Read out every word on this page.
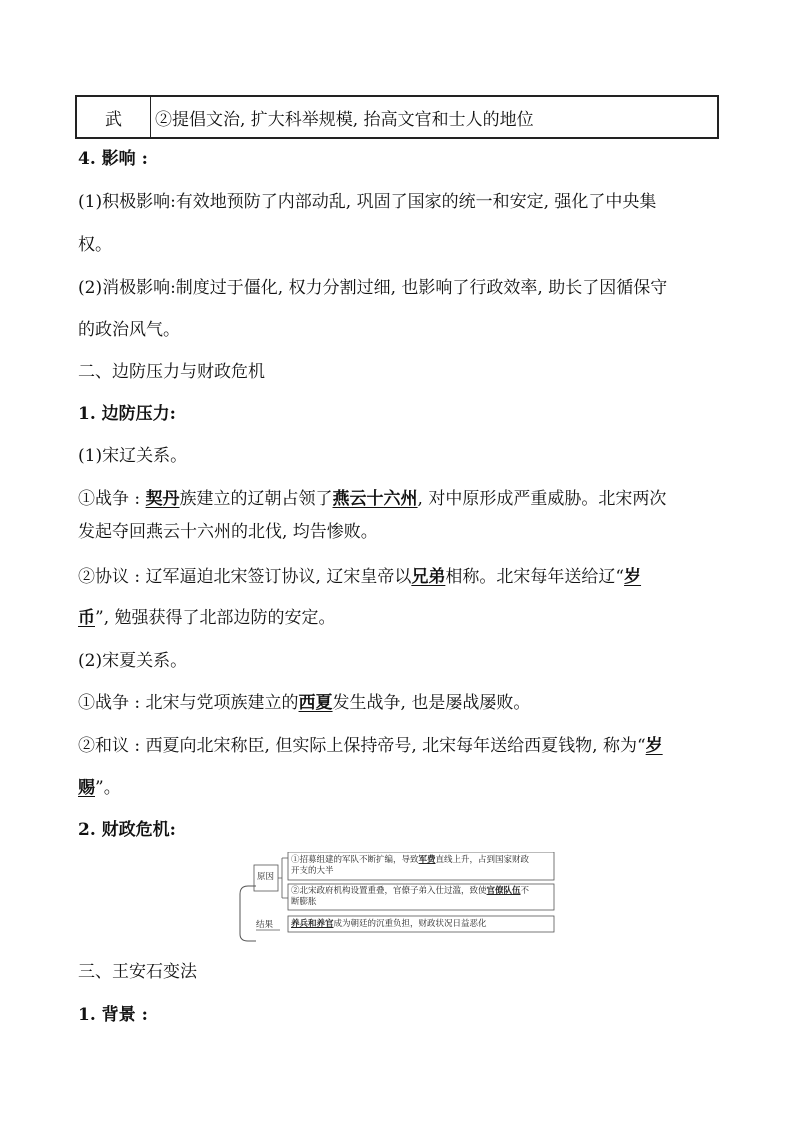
武	②提倡文治, 扩大科举规模, 抬高文官和士人的地位
4. 影响 :
(1)积极影响:有效地预防了内部动乱, 巩固了国家的统一和安定, 强化了中央集
权。
(2)消极影响:制度过于僵化, 权力分割过细, 也影响了行政效率, 助长了因循保守
的政治风气。
二、边防压力与财政危机
1. 边防压力:
(1)宋辽关系。
①战争 : 契丹族建立的辽朝占领了燕云十六州, 对中原形成严重威胁。北宋两次
发起夺回燕云十六州的北伐, 均告惨败。
②协议 : 辽军逼迫北宋签订协议, 辽宋皇帝以兄弟相称。北宋每年送给辽“岁
币”, 勉强获得了北部边防的安定。
(2)宋夏关系。
①战争 : 北宋与党项族建立的西夏发生战争, 也是屡战屡败。
②和议 : 西夏向北宋称臣, 但实际上保持帝号, 北宋每年送给西夏钱物, 称为“岁
赐”。
2. 财政危机:
原因
结果
①招募组建的军队不断扩编，导致军费直线上升，占到国家财政
开支的大半
②北宋政府机构设置重叠，官僚子弟入仕过滥，致使官僚队伍不
断膨胀
养兵和养官成为朝廷的沉重负担，财政状况日益恶化
三、王安石变法
1. 背景 :
